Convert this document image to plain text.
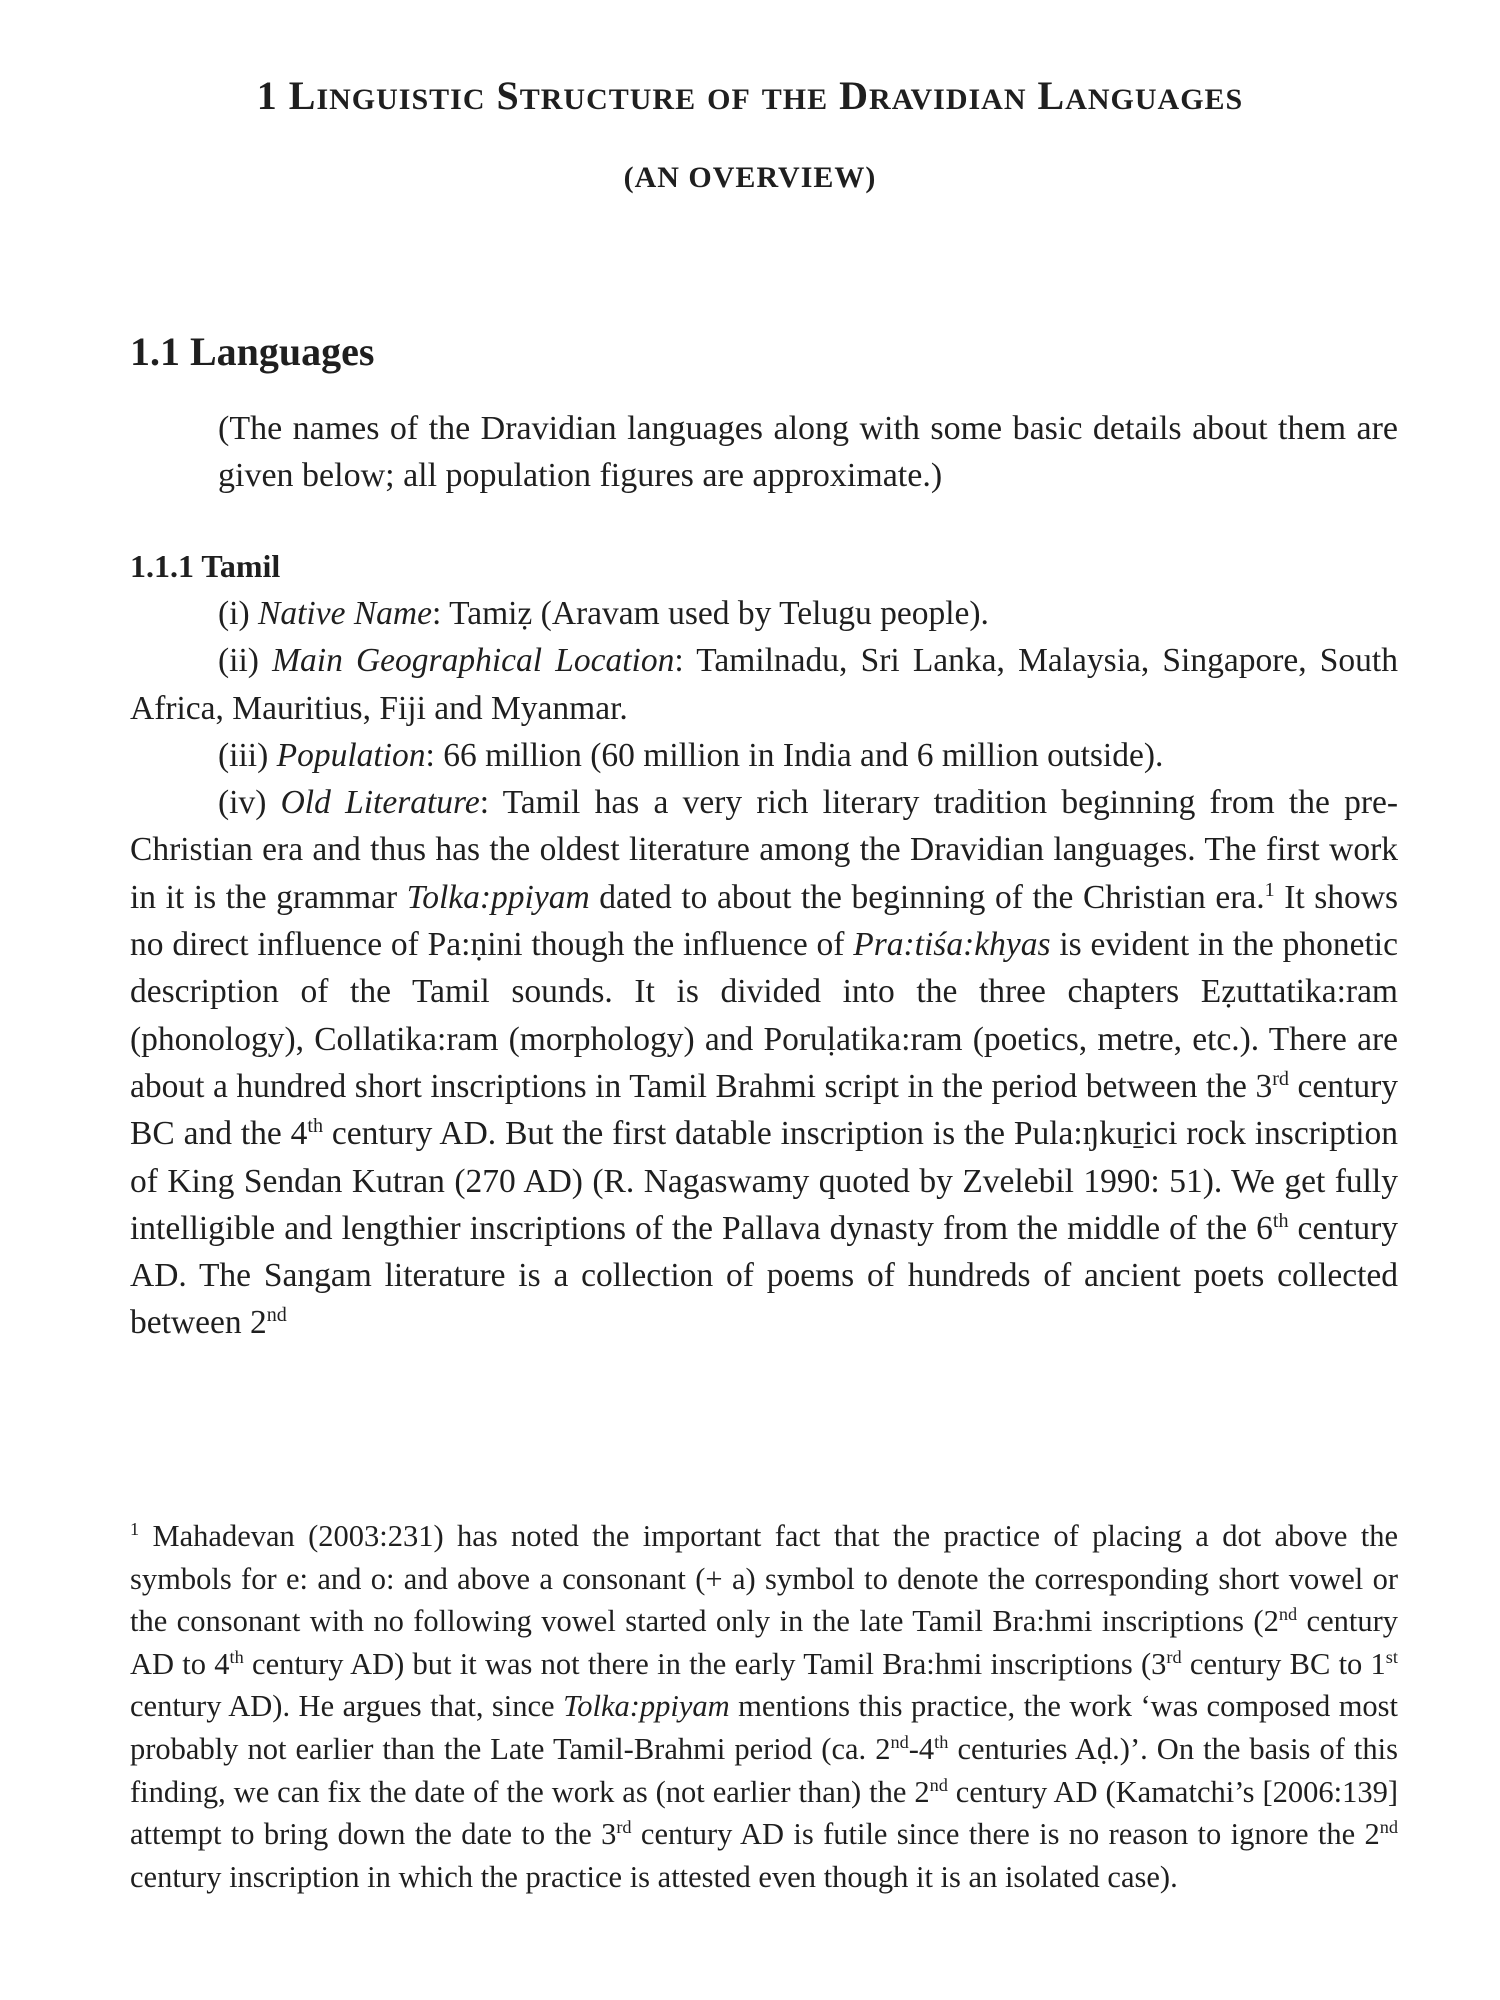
1 LINGUISTIC STRUCTURE OF THE DRAVIDIAN LANGUAGES
(AN OVERVIEW)
1.1 Languages
(The names of the Dravidian languages along with some basic details about them are given below; all population figures are approximate.)
1.1.1 Tamil

(i) Native Name: Tamiẓ (Aravam used by Telugu people).

(ii) Main Geographical Location: Tamilnadu, Sri Lanka, Malaysia, Singapore, South Africa, Mauritius, Fiji and Myanmar.

(iii) Population: 66 million (60 million in India and 6 million outside).

(iv) Old Literature: Tamil has a very rich literary tradition beginning from the pre-Christian era and thus has the oldest literature among the Dravidian languages. The first work in it is the grammar Tolka:ppiyam dated to about the beginning of the Christian era.$^1$ It shows no direct influence of Pa:ṇini though the influence of Pra:tiśa:khyas is evident in the phonetic description of the Tamil sounds. It is divided into the three chapters Eẓuttatika:ram (phonology), Collatika:ram (morphology) and Poruḷatika:ram (poetics, metre, etc.). There are about a hundred short inscriptions in Tamil Brahmi script in the period between the 3rd century BC and the 4th century AD. But the first datable inscription is the Pula:ŋkuṟici rock inscription of King Sendan Kutran (270 AD) (R. Nagaswamy quoted by Zvelebil 1990: 51). We get fully intelligible and lengthier inscriptions of the Pallava dynasty from the middle of the 6th century AD. The Sangam literature is a collection of poems of hundreds of ancient poets collected between 2nd

$^1$ Mahadevan (2003:231) has noted the important fact that the practice of placing a dot above the symbols for e: and o: and above a consonant (+ a) symbol to denote the corresponding short vowel or the consonant with no following vowel started only in the late Tamil Bra:hmi inscriptions (2nd century AD to 4th century AD) but it was not there in the early Tamil Bra:hmi inscriptions (3rd century BC to 1st century AD). He argues that, since Tolka:ppiyam mentions this practice, the work ‘was composed most probably not earlier than the Late Tamil-Brahmi period (ca. 2nd-4th centuries Aḍ.)’. On the basis of this finding, we can fix the date of the work as (not earlier than) the 2nd century AD (Kamatchi’s [2006:139] attempt to bring down the date to the 3rd century AD is futile since there is no reason to ignore the 2nd century inscription in which the practice is attested even though it is an isolated case).
